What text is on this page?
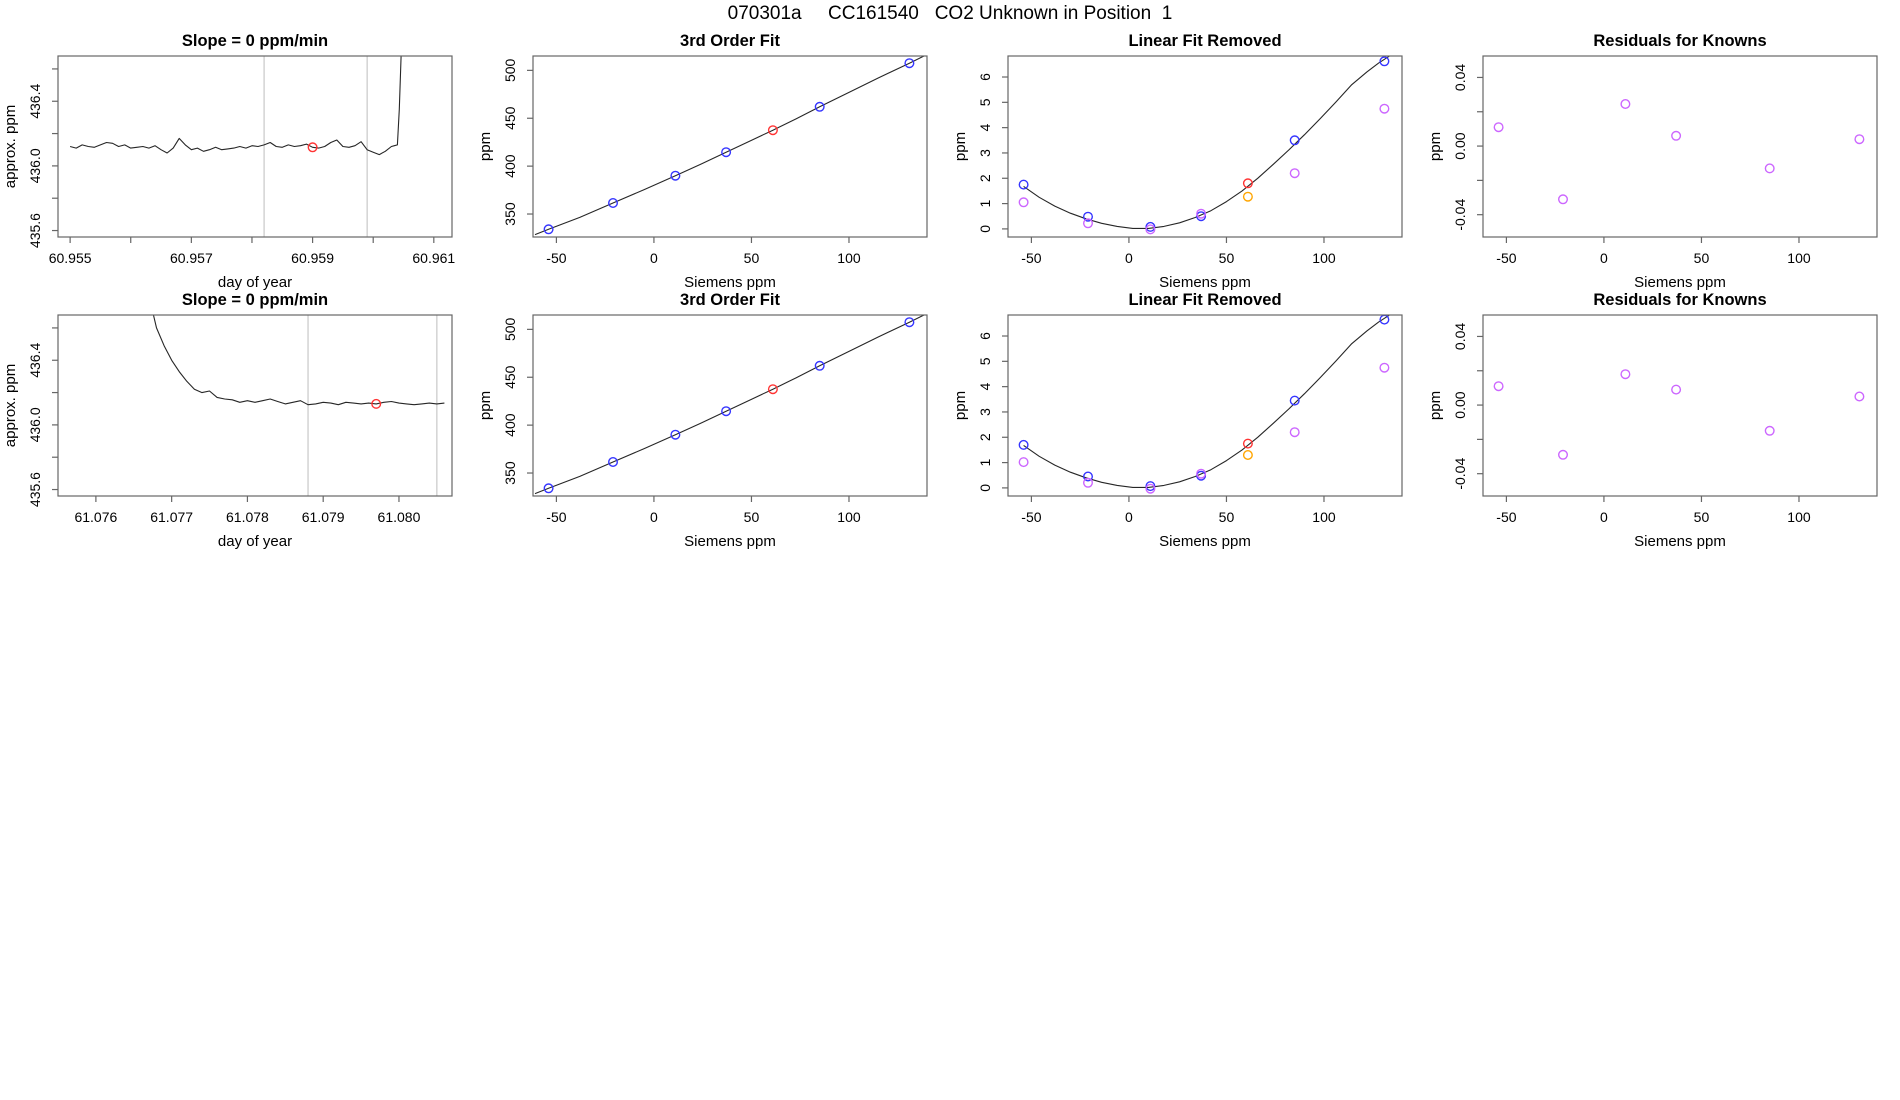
070301a     CC161540   CO2 Unknown in Position  1
60.955	60.957	60.959	60.961
435.6
436.0
436.4
Slope = 0 ppm/min
day of year
approx. ppm
-50	0	50	100
350
400
450
500
3rd Order Fit
Siemens ppm
ppm
-50	0	50	100
0
1
2
3
4
5
6
Linear Fit Removed
Siemens ppm
ppm
-50	0	50	100
-0.04
0.00
0.04
Residuals for Knowns
Siemens ppm
ppm
61.076 61.077 61.078 61.079 61.080
435.6
436.0
436.4
Slope = 0 ppm/min
day of year
approx. ppm
-50	0	50	100
350
400
450
500
3rd Order Fit
Siemens ppm
ppm
-50	0	50	100
0
1
2
3
4
5
6
Linear Fit Removed
Siemens ppm
ppm
-50	0	50	100
-0.04
0.00
0.04
Residuals for Knowns
Siemens ppm
ppm
